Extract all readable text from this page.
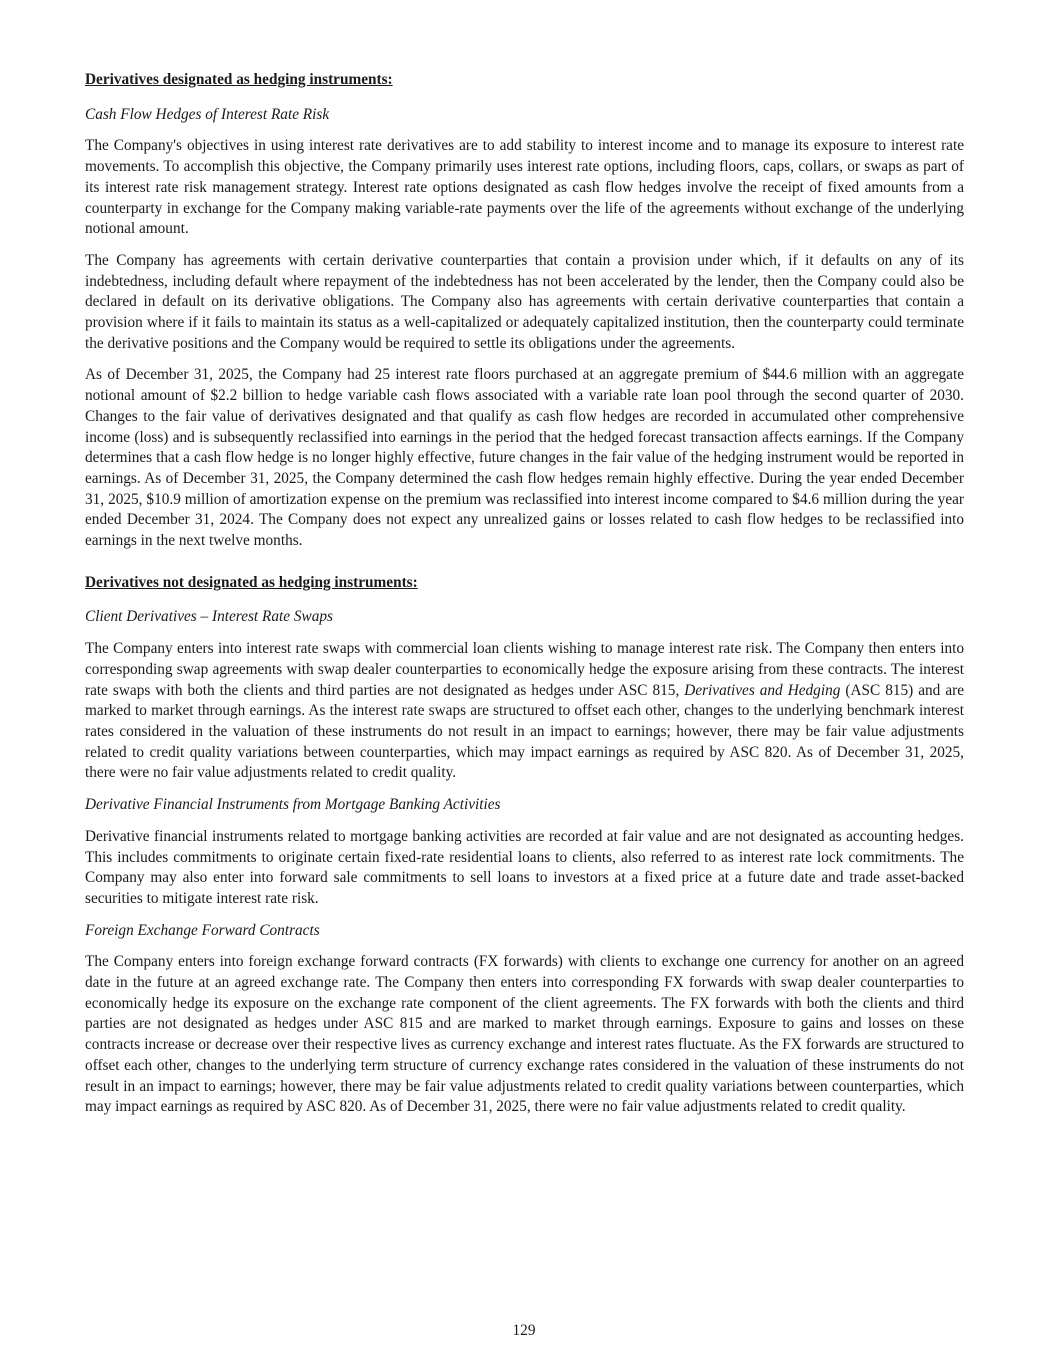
Derivatives designated as hedging instruments:

Cash Flow Hedges of Interest Rate Risk

The Company's objectives in using interest rate derivatives are to add stability to interest income and to manage its exposure to interest rate movements. To accomplish this objective, the Company primarily uses interest rate options, including floors, caps, collars, or swaps as part of its interest rate risk management strategy. Interest rate options designated as cash flow hedges involve the receipt of fixed amounts from a counterparty in exchange for the Company making variable-rate payments over the life of the agreements without exchange of the underlying notional amount.

The Company has agreements with certain derivative counterparties that contain a provision under which, if it defaults on any of its indebtedness, including default where repayment of the indebtedness has not been accelerated by the lender, then the Company could also be declared in default on its derivative obligations. The Company also has agreements with certain derivative counterparties that contain a provision where if it fails to maintain its status as a well-capitalized or adequately capitalized institution, then the counterparty could terminate the derivative positions and the Company would be required to settle its obligations under the agreements.

As of December 31, 2025, the Company had 25 interest rate floors purchased at an aggregate premium of $44.6 million with an aggregate notional amount of $2.2 billion to hedge variable cash flows associated with a variable rate loan pool through the second quarter of 2030. Changes to the fair value of derivatives designated and that qualify as cash flow hedges are recorded in accumulated other comprehensive income (loss) and is subsequently reclassified into earnings in the period that the hedged forecast transaction affects earnings. If the Company determines that a cash flow hedge is no longer highly effective, future changes in the fair value of the hedging instrument would be reported in earnings. As of December 31, 2025, the Company determined the cash flow hedges remain highly effective. During the year ended December 31, 2025, $10.9 million of amortization expense on the premium was reclassified into interest income compared to $4.6 million during the year ended December 31, 2024. The Company does not expect any unrealized gains or losses related to cash flow hedges to be reclassified into earnings in the next twelve months.

Derivatives not designated as hedging instruments:

Client Derivatives – Interest Rate Swaps

The Company enters into interest rate swaps with commercial loan clients wishing to manage interest rate risk. The Company then enters into corresponding swap agreements with swap dealer counterparties to economically hedge the exposure arising from these contracts. The interest rate swaps with both the clients and third parties are not designated as hedges under ASC 815, Derivatives and Hedging (ASC 815) and are marked to market through earnings. As the interest rate swaps are structured to offset each other, changes to the underlying benchmark interest rates considered in the valuation of these instruments do not result in an impact to earnings; however, there may be fair value adjustments related to credit quality variations between counterparties, which may impact earnings as required by ASC 820. As of December 31, 2025, there were no fair value adjustments related to credit quality.

Derivative Financial Instruments from Mortgage Banking Activities

Derivative financial instruments related to mortgage banking activities are recorded at fair value and are not designated as accounting hedges. This includes commitments to originate certain fixed-rate residential loans to clients, also referred to as interest rate lock commitments. The Company may also enter into forward sale commitments to sell loans to investors at a fixed price at a future date and trade asset-backed securities to mitigate interest rate risk.

Foreign Exchange Forward Contracts

The Company enters into foreign exchange forward contracts (FX forwards) with clients to exchange one currency for another on an agreed date in the future at an agreed exchange rate. The Company then enters into corresponding FX forwards with swap dealer counterparties to economically hedge its exposure on the exchange rate component of the client agreements. The FX forwards with both the clients and third parties are not designated as hedges under ASC 815 and are marked to market through earnings. Exposure to gains and losses on these contracts increase or decrease over their respective lives as currency exchange and interest rates fluctuate. As the FX forwards are structured to offset each other, changes to the underlying term structure of currency exchange rates considered in the valuation of these instruments do not result in an impact to earnings; however, there may be fair value adjustments related to credit quality variations between counterparties, which may impact earnings as required by ASC 820. As of December 31, 2025, there were no fair value adjustments related to credit quality.

129
